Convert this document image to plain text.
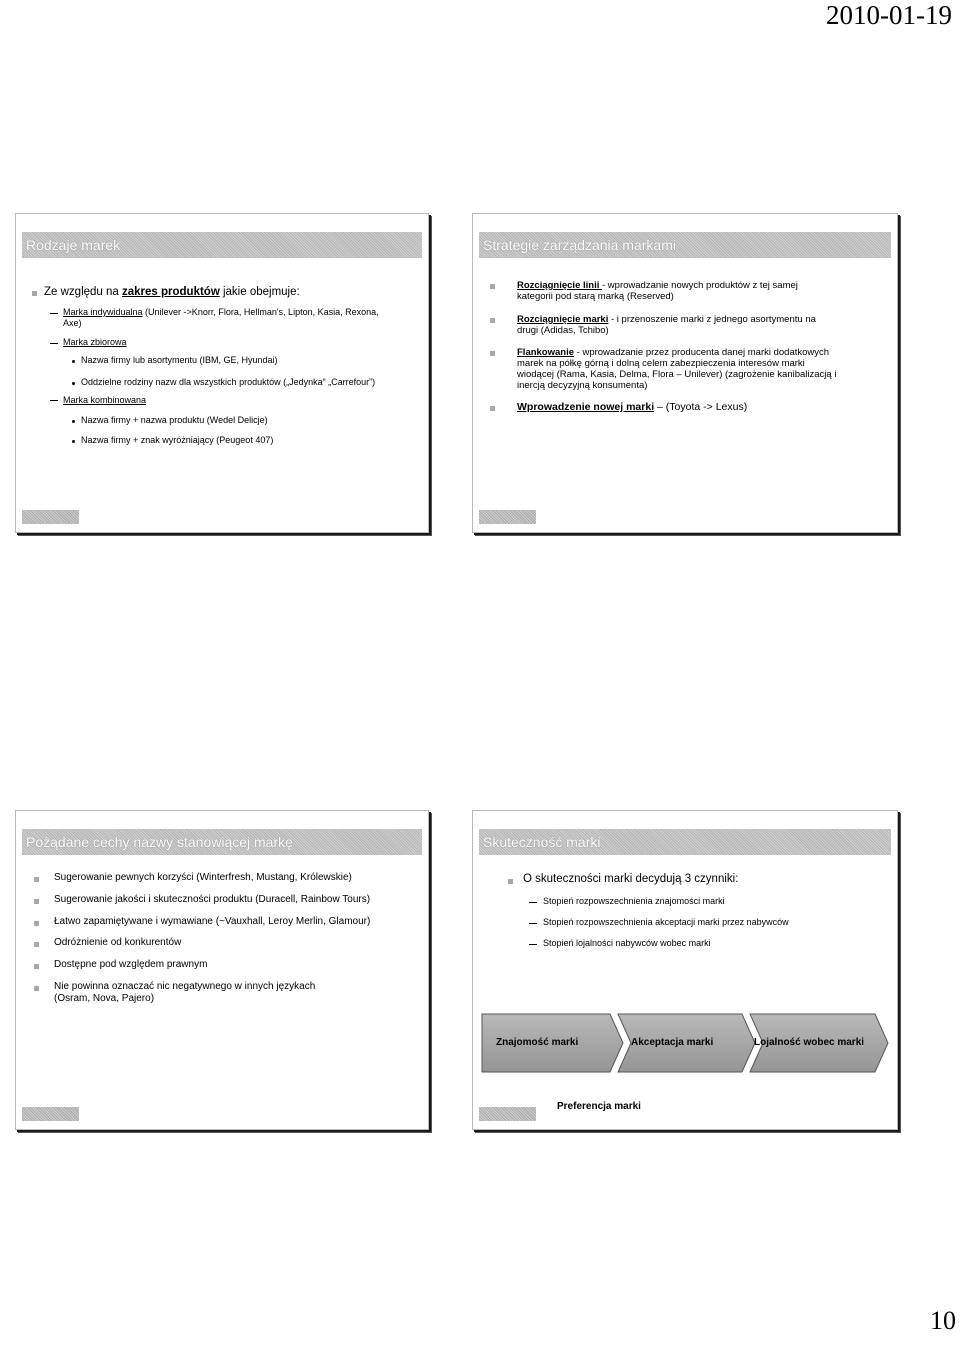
2010-01-19
Rodzaje marek
Ze względu na zakres produktów jakie obejmuje:
Marka indywidualna (Unilever ->Knorr, Flora, Hellman's, Lipton, Kasia, Rexona,
Axe)
Marka zbiorowa
Nazwa firmy lub asortymentu (IBM, GE, Hyundai)
Oddzielne rodziny nazw dla wszystkich produktów („Jedynka” „Carrefour”)
Marka kombinowana
Nazwa firmy + nazwa produktu (Wedel Delicje)
Nazwa firmy + znak wyróżniający (Peugeot 407)
Strategie zarządzania markami
Rozciągnięcie linii - wprowadzanie nowych produktów z tej samej
kategorii pod starą marką (Reserved)
Rozciągnięcie marki - i przenoszenie marki z jednego asortymentu na
drugi (Adidas, Tchibo)
Flankowanie - wprowadzanie przez producenta danej marki dodatkowych
marek na półkę górną i dolną celem zabezpieczenia interesów marki
wiodącej (Rama, Kasia, Delma, Flora – Unilever) (zagrożenie kanibalizacją i
inercją decyzyjną konsumenta)
Wprowadzenie nowej marki – (Toyota -> Lexus)
Pożądane cechy nazwy stanowiącej markę
Sugerowanie pewnych korzyści (Winterfresh, Mustang, Królewskie)
Sugerowanie jakości i skuteczności produktu (Duracell, Rainbow Tours)
Łatwo zapamiętywane i wymawiane (~Vauxhall, Leroy Merlin, Glamour)
Odróżnienie od konkurentów
Dostępne pod względem prawnym
Nie powinna oznaczać nic negatywnego w innych językach
(Osram, Nova, Pajero)
Skuteczność marki
O skuteczności marki decydują 3 czynniki:
Stopień rozpowszechnienia znajomości marki
Stopień rozpowszechnienia akceptacji marki przez nabywców
Stopień lojalności nabywców wobec marki
Znajomość marki	Akceptacja marki	Lojalność wobec marki
Preferencja marki
10
